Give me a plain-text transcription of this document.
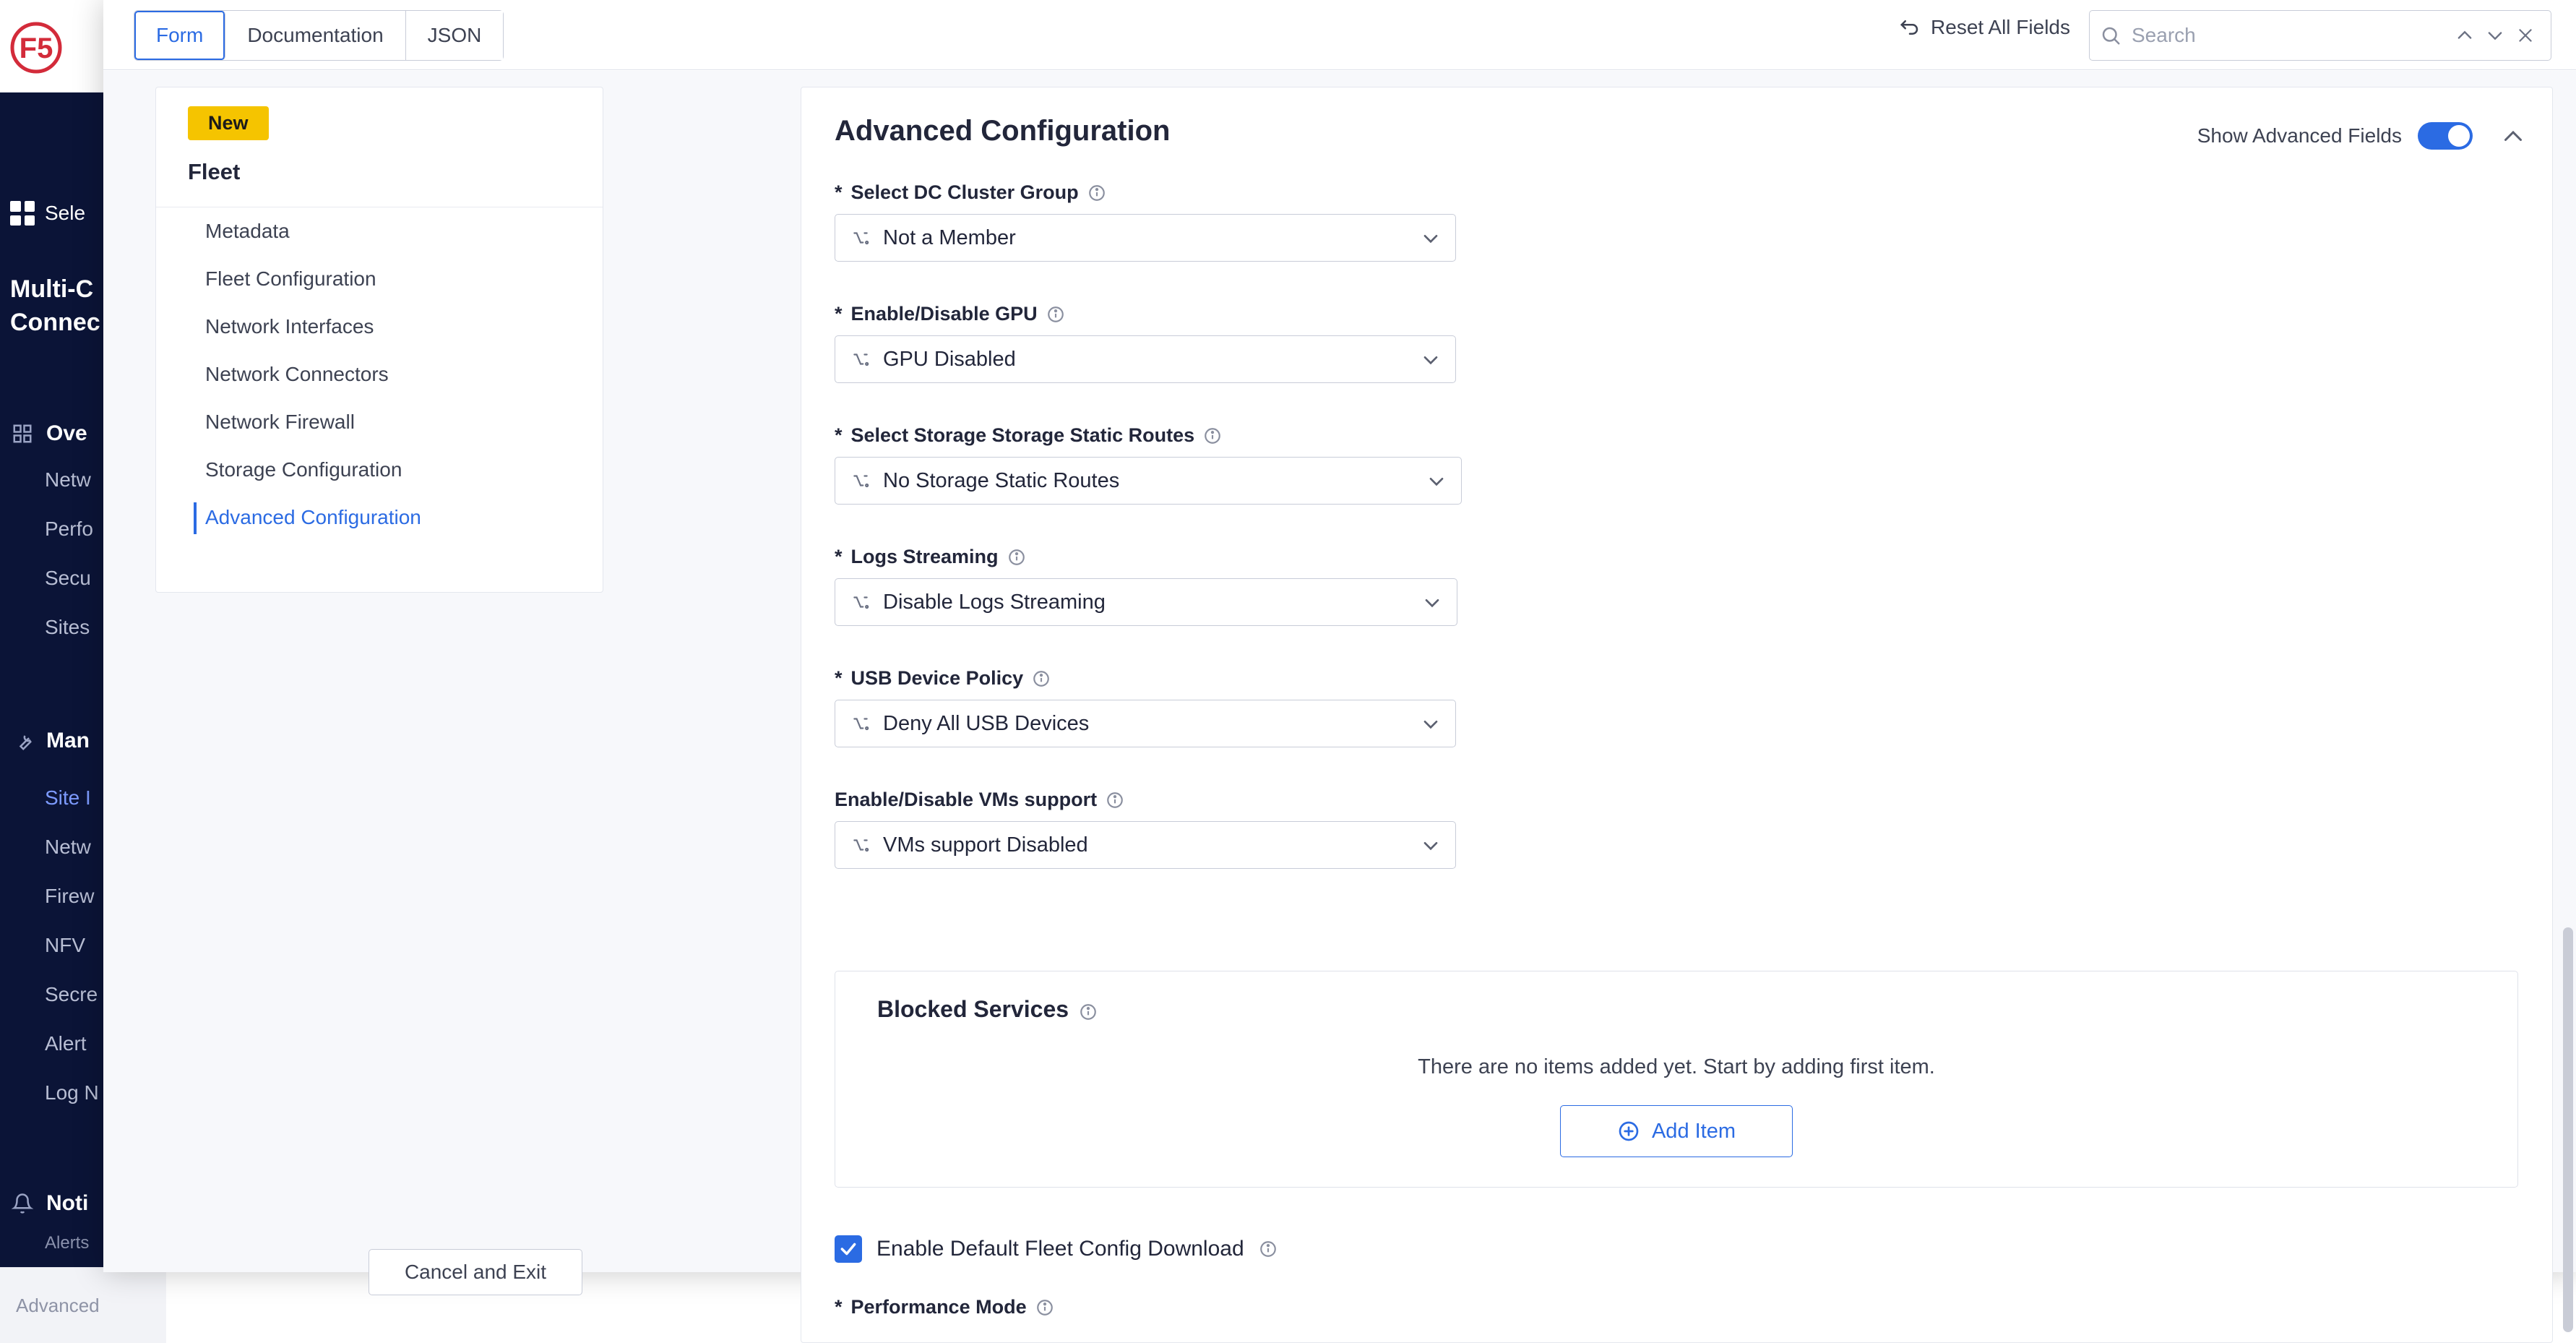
F5
Sele
Multi-C
Connec
Ove
Netw
Perfo
Secu
Sites
Man
Site I
Netw
Firew
NFV
Secre
Alert
Log N
Noti
Alerts
Advanced
Form	Documentation	JSON	Reset All Fields
Search
New
Fleet
Metadata
Fleet Configuration
Network Interfaces
Network Connectors
Network Firewall
Storage Configuration
Advanced Configuration
Cancel and Exit
Advanced Configuration	Show Advanced Fields
* Select DC Cluster Group
Not a Member
* Enable/Disable GPU
GPU Disabled
* Select Storage Storage Static Routes
No Storage Static Routes
* Logs Streaming
Disable Logs Streaming
* USB Device Policy
Deny All USB Devices
Enable/Disable VMs support
VMs support Disabled
Blocked Services
There are no items added yet. Start by adding first item.
Add Item
Enable Default Fleet Config Download
* Performance Mode
